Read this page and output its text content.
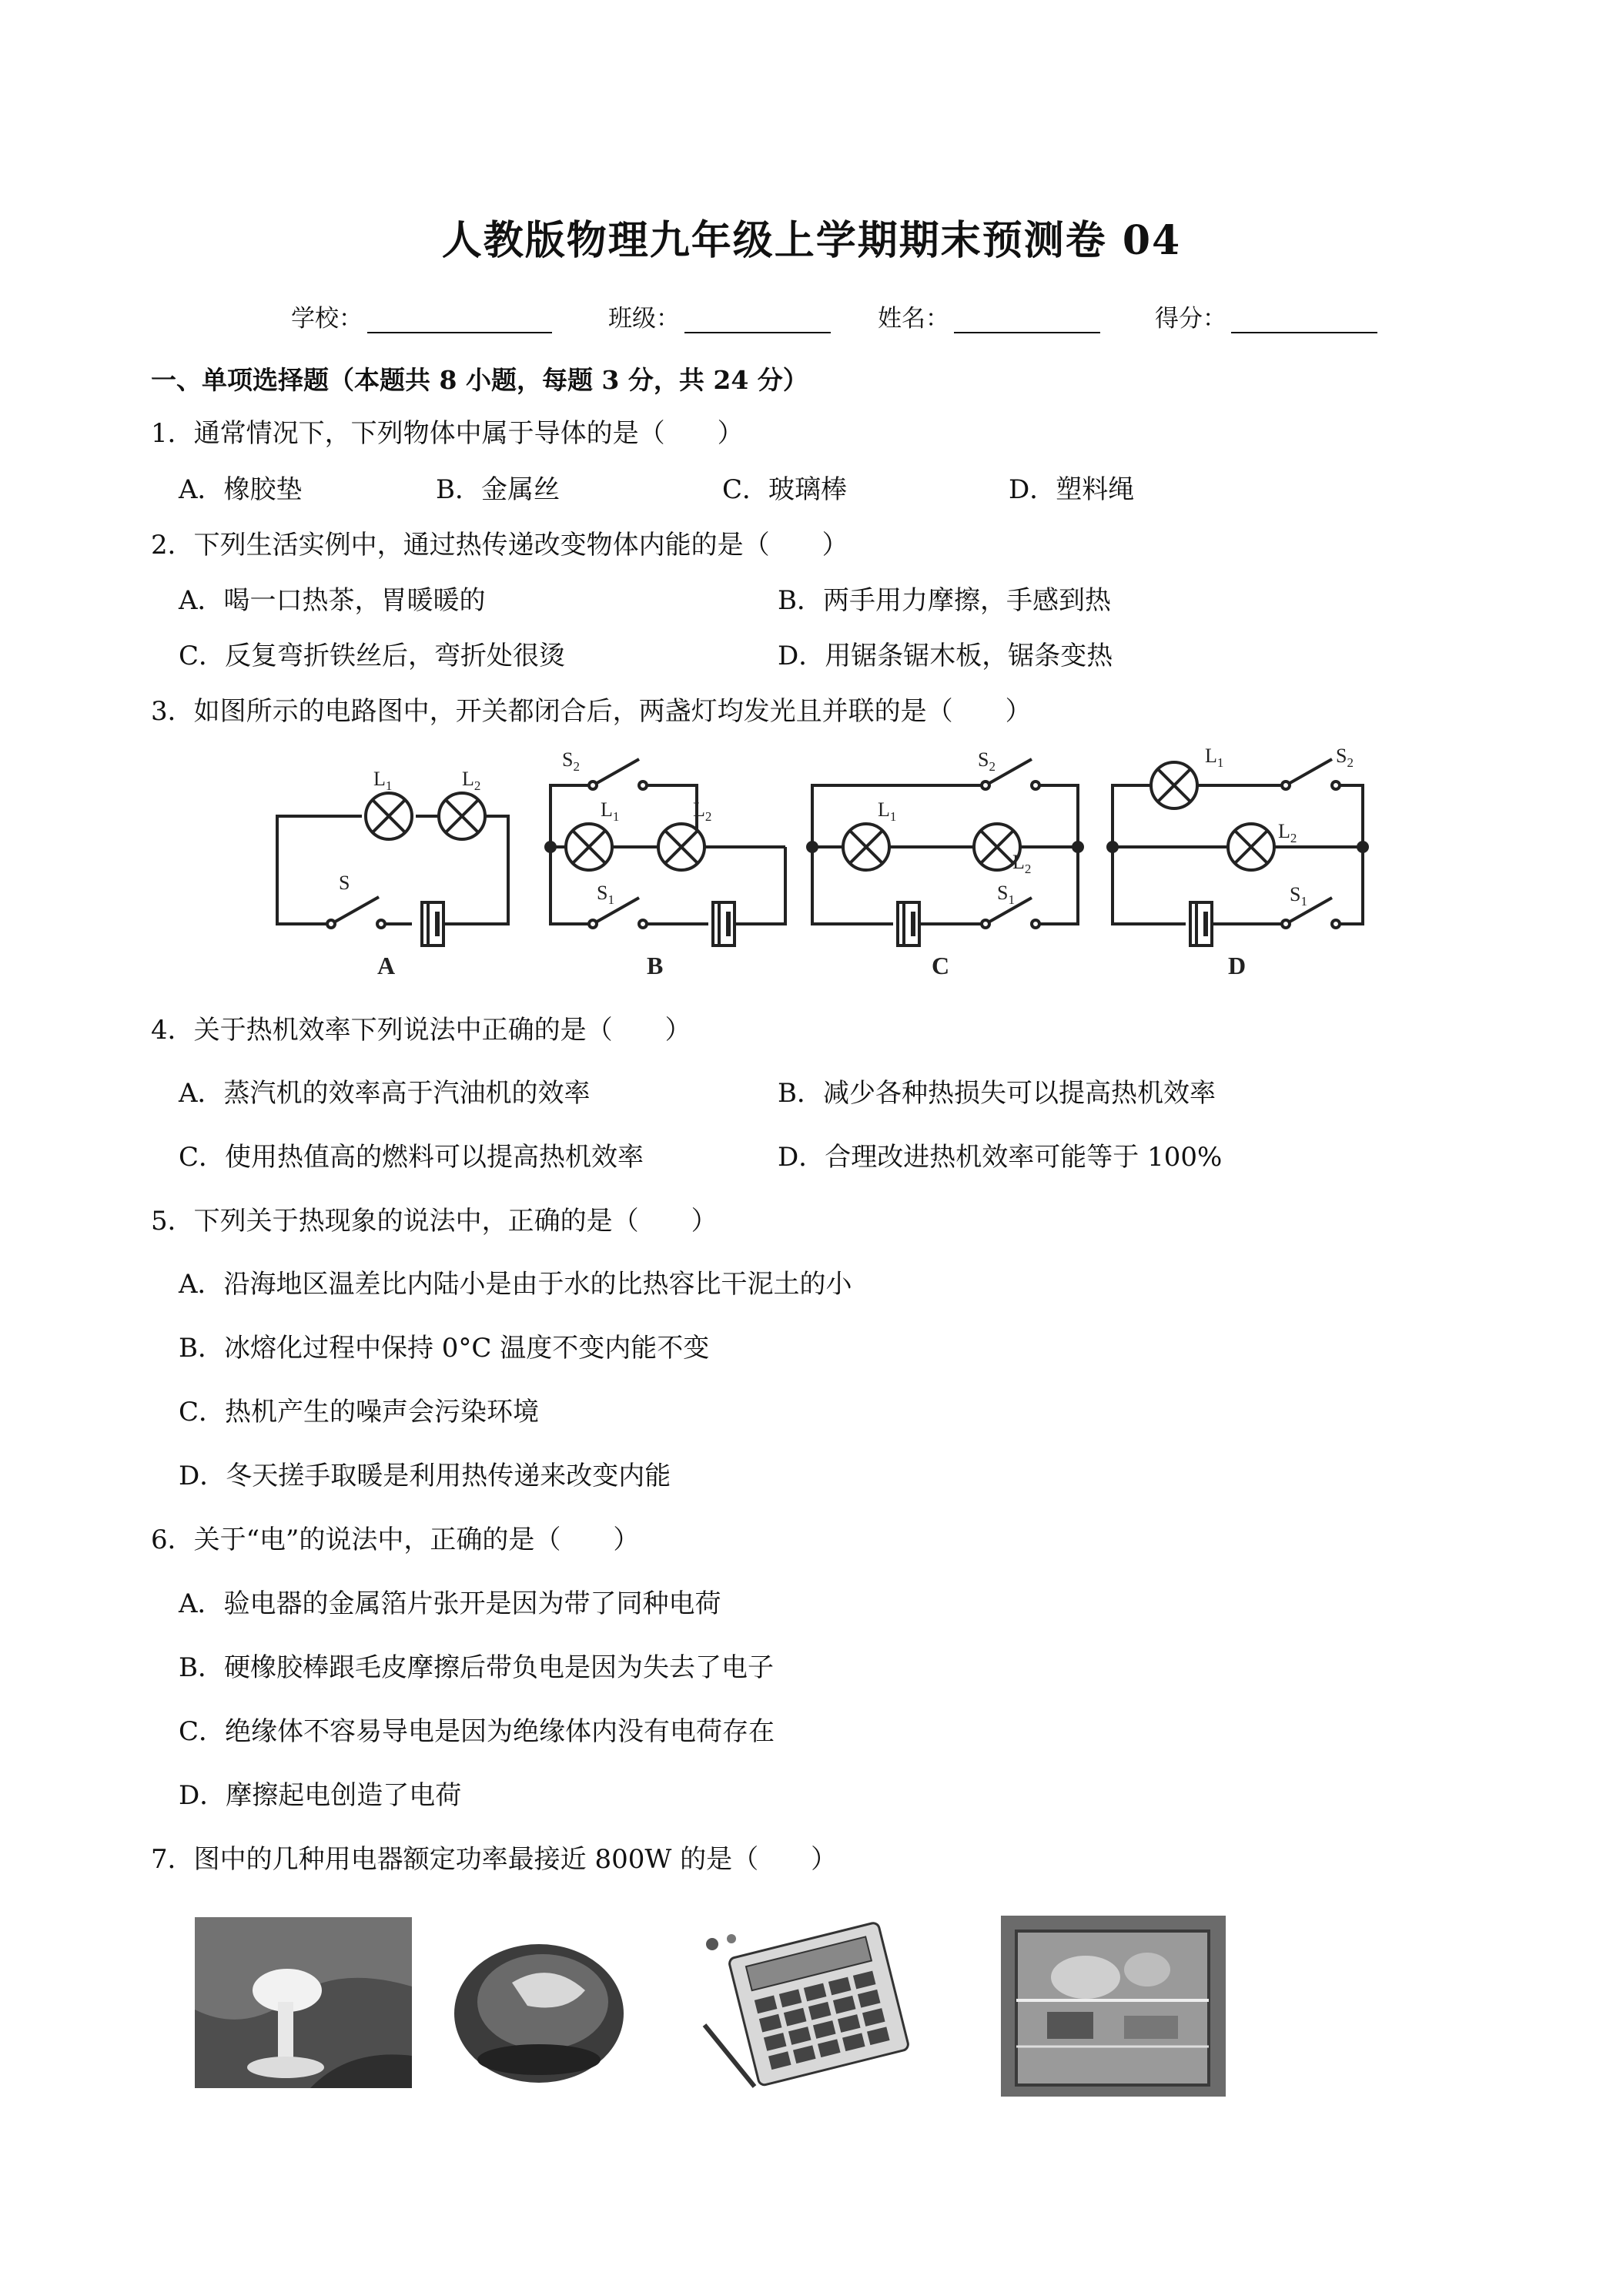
人教版物理九年级上学期期末预测卷 04
学校：	班级：	姓名：	得分：
一、单项选择题（本题共 8 小题，每题 3 分，共 24 分）
1．通常情况下，下列物体中属于导体的是（　　）
A．橡胶垫	B．金属丝	C．玻璃棒	D．塑料绳
2．下列生活实例中，通过热传递改变物体内能的是（　　）
A．喝一口热茶，胃暖暖的	B．两手用力摩擦，手感到热
C．反复弯折铁丝后，弯折处很烫	D．用锯条锯木板，锯条变热
3．如图所示的电路图中，开关都闭合后，两盏灯均发光且并联的是（　　）
$L_1$	$L_2$
S
$S_2$
$L_1$	$L_2$
$S_1$
$S_2$
$L_1$
$L_2$
$S_1$
$L_1$	$S_2$
$L_2$
$S_1$
A	B	C	D
4．关于热机效率下列说法中正确的是（　　）
A．蒸汽机的效率高于汽油机的效率	B．减少各种热损失可以提高热机效率
C．使用热值高的燃料可以提高热机效率	D．合理改进热机效率可能等于 100%
5．下列关于热现象的说法中，正确的是（　　）
A．沿海地区温差比内陆小是由于水的比热容比干泥土的小
B．冰熔化过程中保持 0°C 温度不变内能不变
C．热机产生的噪声会污染环境
D．冬天搓手取暖是利用热传递来改变内能
6．关于“电”的说法中，正确的是（　　）
A．验电器的金属箔片张开是因为带了同种电荷
B．硬橡胶棒跟毛皮摩擦后带负电是因为失去了电子
C．绝缘体不容易导电是因为绝缘体内没有电荷存在
D．摩擦起电创造了电荷
7．图中的几种用电器额定功率最接近 800W 的是（　　）
